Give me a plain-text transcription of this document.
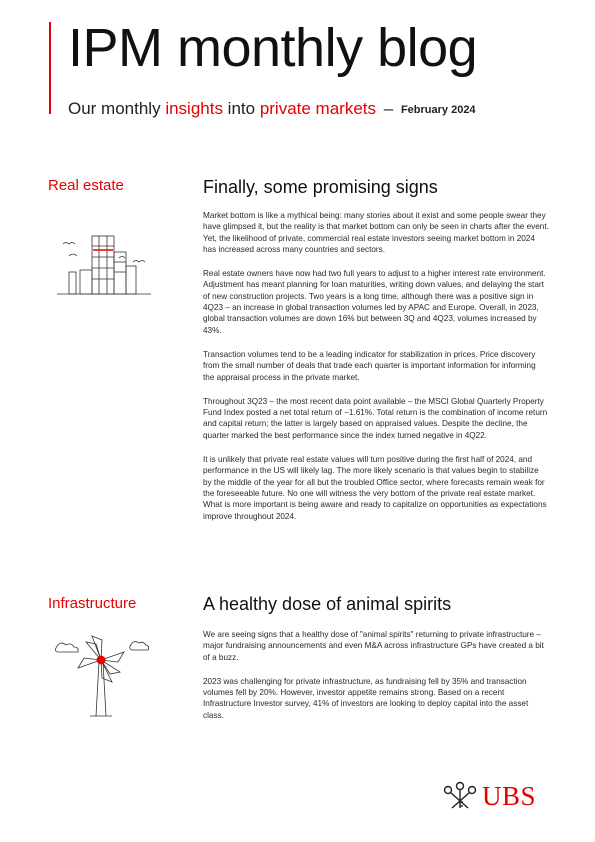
IPM monthly blog
Our monthly insights into private markets – February 2024
Real estate	Finally, some promising signs

Market bottom is like a mythical being: many stories about it exist and some people swear they have glimpsed it, but the reality is that market bottom can only be seen in charts after the event. Yet, the likelihood of private, commercial real estate investors seeing market bottom in 2024 has increased across many countries and sectors.

Real estate owners have now had two full years to adjust to a higher interest rate environment. Adjustment has meant planning for loan maturities, writing down values, and delaying the start of new construction projects. Two years is a long time, although there was a positive sign in 4Q23 – an increase in global transaction volumes led by APAC and Europe. Overall, in 2023, global transaction volumes are down 16% but between 3Q and 4Q23, volumes increased by 43%.

Transaction volumes tend to be a leading indicator for stabilization in prices. Price discovery from the small number of deals that trade each quarter is important information for informing the appraisal process in the private market.

Throughout 3Q23 – the most recent data point available – the MSCI Global Quarterly Property Fund Index posted a net total return of −1.61%. Total return is the combination of income return and capital return; the latter is largely based on appraised values. Despite the decline, the quarter marked the best performance since the index turned negative in 4Q22.

It is unlikely that private real estate values will turn positive during the first half of 2024, and performance in the US will likely lag. The more likely scenario is that values begin to stabilize by the middle of the year for all but the troubled Office sector, where forecasts remain weak for the foreseeable future. No one will witness the very bottom of the private real estate market. What is more important is being aware and ready to capitalize on opportunities as expectations improve throughout 2024.

Infrastructure	A healthy dose of animal spirits

We are seeing signs that a healthy dose of "animal spirits" returning to private infrastructure – major fundraising announcements and even M&A across infrastructure GPs have created a bit of a buzz.

2023 was challenging for private infrastructure, as fundraising fell by 35% and transaction volumes fell by 20%. However, investor appetite remains strong. Based on a recent Infrastructure Investor survey, 41% of investors are looking to deploy capital into the asset class.

UBS
